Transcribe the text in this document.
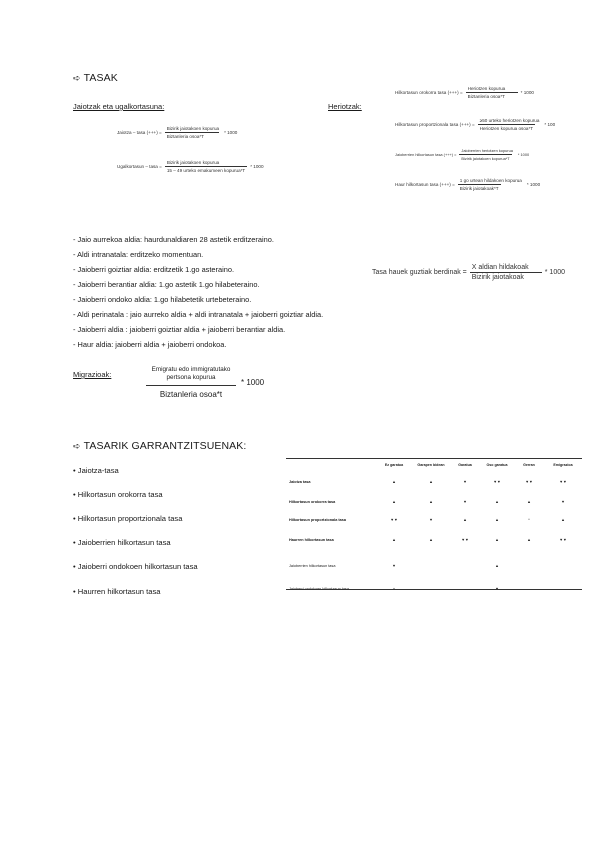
➪ TASAK
Jaiotzak eta ugalkortasuna:	Heriotzak:
Jaiotza – tasa (+++) = $\frac{\text{Bizirik jaiotakoen kopurua}}{\text{Biztanleria osoa*T}} * 1000$
Ugalkortasun – tasa = $\frac{\text{Bizirik jaiotakoen kopurua}}{\text{15 – 49 urteko emakumeen kopurua*T}} * 1000$
Hilkortasun orokorra tasa (+++) = $\frac{\text{Heriotzen kopurua}}{\text{Biztanleria osoa*T}} * 1000$
Hilkortasun proportzionala tasa (+++) = $\frac{\text{≥50 urteko heriotzen kopurua}}{\text{Heriotzen kopurua osoa*T}} * 100$
Jaioberrien hilkortasun tasa (+++) = $\frac{\text{Jaioberrien heriotzen kopurua}}{\text{Bizirik jaiotakoen kopurua*T}} * 1000$
Haur hilkortasun tasa (+++) = $\frac{\text{1 go urtean hildakoen kopurua}}{\text{Bizirik jaiotakoak*T}} * 1000$
- Jaio aurrekoa aldia: haurdunaldiaren 28 astetik erditzeraino.
- Aldi intranatala: erditzeko momentuan.
- Jaioberri goiztiar aldia: erditzetik 1.go asteraino.
- Jaioberri berantiar aldia: 1.go astetik 1.go hilabeteraino.
- Jaioberri ondoko aldia: 1.go hilabetetik urtebeteraino.
- Aldi perinatala : jaio aurreko aldia + aldi intranatala + jaioberri goiztiar aldia.
- Jaioberri aldia : jaioberri goiztiar aldia + jaioberri berantiar aldia.
- Haur aldia: jaioberri aldia + jaioberri ondokoa.
Tasa hauek guztiak berdinak = $\frac{\text{X aldian hildakoak}}{\text{Bizirik jaiotakoak}} * 1000$
Migrazioak:	$\frac{\text{Emigratu edo immigratutako pertsona kopurua}}{\text{Biztanleria osoa*t}} * 1000$
➪ TASARIK GARRANTZITSUENAK:
• Jaiotza-tasa
• Hilkortasun orokorra tasa
• Hilkortasun proportzionala tasa
• Jaioberrien hilkortasun tasa
• Jaioberri ondokoen hilkortasun tasa
• Haurren hilkortasun tasa
	Ez garatua	Garapen bidean	Garatua	Oso garatua	Gerran	Emigrazioa
Jaiotza tasa	▲	▲	▼	▼▼	▼▼	▼▼
Hilkortasun orokorra tasa	▲	▲	▼	▲	▲	▼
Hilkortasun proportzionala tasa	▼▼	▼	▲	▲	*	▲
Haurren hilkortasun tasa	▲	▲	▼▼	▲	▲	▼▼
Jaioberrien hilkortasun tasa	▼			▲		
Jaioberri ondokoen hilkortasun tasa	▲			▼		
